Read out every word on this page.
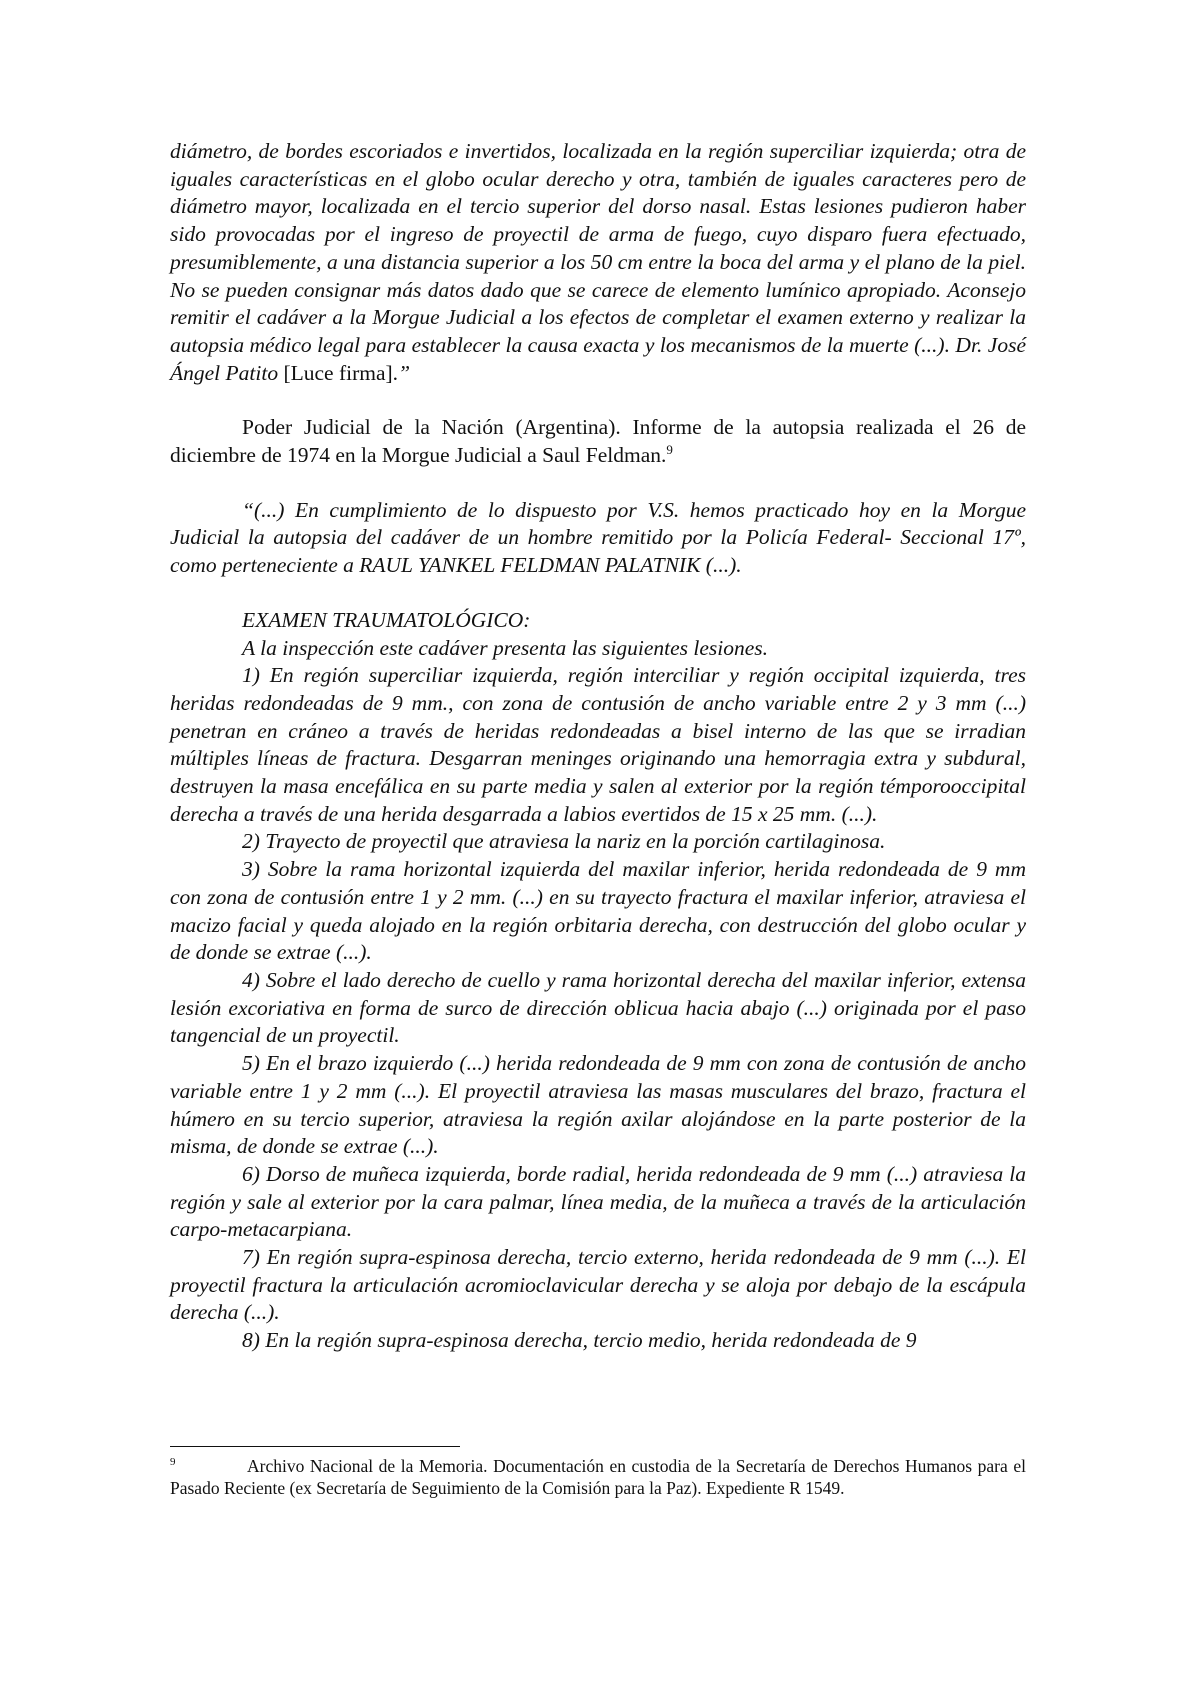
diámetro, de bordes escoriados e invertidos, localizada en la región superciliar izquierda; otra de iguales características en el globo ocular derecho y otra, también de iguales caracteres pero de diámetro mayor, localizada en el tercio superior del dorso nasal. Estas lesiones pudieron haber sido provocadas por el ingreso de proyectil de arma de fuego, cuyo disparo fuera efectuado, presumiblemente, a una distancia superior a los 50 cm entre la boca del arma y el plano de la piel. No se pueden consignar más datos dado que se carece de elemento lumínico apropiado. Aconsejo remitir el cadáver a la Morgue Judicial a los efectos de completar el examen externo y realizar la autopsia médico legal para establecer la causa exacta y los mecanismos de la muerte (...). Dr. José Ángel Patito [Luce firma].”

Poder Judicial de la Nación (Argentina). Informe de la autopsia realizada el 26 de diciembre de 1974 en la Morgue Judicial a Saul Feldman.$^9$

“(...) En cumplimiento de lo dispuesto por V.S. hemos practicado hoy en la Morgue Judicial la autopsia del cadáver de un hombre remitido por la Policía Federal- Seccional 17º, como perteneciente a RAUL YANKEL FELDMAN PALATNIK (...).

EXAMEN TRAUMATOLÓGICO:

A la inspección este cadáver presenta las siguientes lesiones.

1) En región superciliar izquierda, región interciliar y región occipital izquierda, tres heridas redondeadas de 9 mm., con zona de contusión de ancho variable entre 2 y 3 mm (...) penetran en cráneo a través de heridas redondeadas a bisel interno de las que se irradian múltiples líneas de fractura. Desgarran meninges originando una hemorragia extra y subdural, destruyen la masa encefálica en su parte media y salen al exterior por la región témporooccipital derecha a través de una herida desgarrada a labios evertidos de 15 x 25 mm. (...).

2) Trayecto de proyectil que atraviesa la nariz en la porción cartilaginosa.

3) Sobre la rama horizontal izquierda del maxilar inferior, herida redondeada de 9 mm con zona de contusión entre 1 y 2 mm. (...) en su trayecto fractura el maxilar inferior, atraviesa el macizo facial y queda alojado en la región orbitaria derecha, con destrucción del globo ocular y de donde se extrae (...).

4) Sobre el lado derecho de cuello y rama horizontal derecha del maxilar inferior, extensa lesión excoriativa en forma de surco de dirección oblicua hacia abajo (...) originada por el paso tangencial de un proyectil.

5) En el brazo izquierdo (...) herida redondeada de 9 mm con zona de contusión de ancho variable entre 1 y 2 mm (...). El proyectil atraviesa las masas musculares del brazo, fractura el húmero en su tercio superior, atraviesa la región axilar alojándose en la parte posterior de la misma, de donde se extrae (...).

6) Dorso de muñeca izquierda, borde radial, herida redondeada de 9 mm (...) atraviesa la región y sale al exterior por la cara palmar, línea media, de la muñeca a través de la articulación carpo-metacarpiana.

7) En región supra-espinosa derecha, tercio externo, herida redondeada de 9 mm (...). El proyectil fractura la articulación acromioclavicular derecha y se aloja por debajo de la escápula derecha (...).

8) En la región supra-espinosa derecha, tercio medio, herida redondeada de 9

9	Archivo Nacional de la Memoria. Documentación en custodia de la Secretaría de Derechos Humanos para el Pasado Reciente (ex Secretaría de Seguimiento de la Comisión para la Paz). Expediente R 1549.
